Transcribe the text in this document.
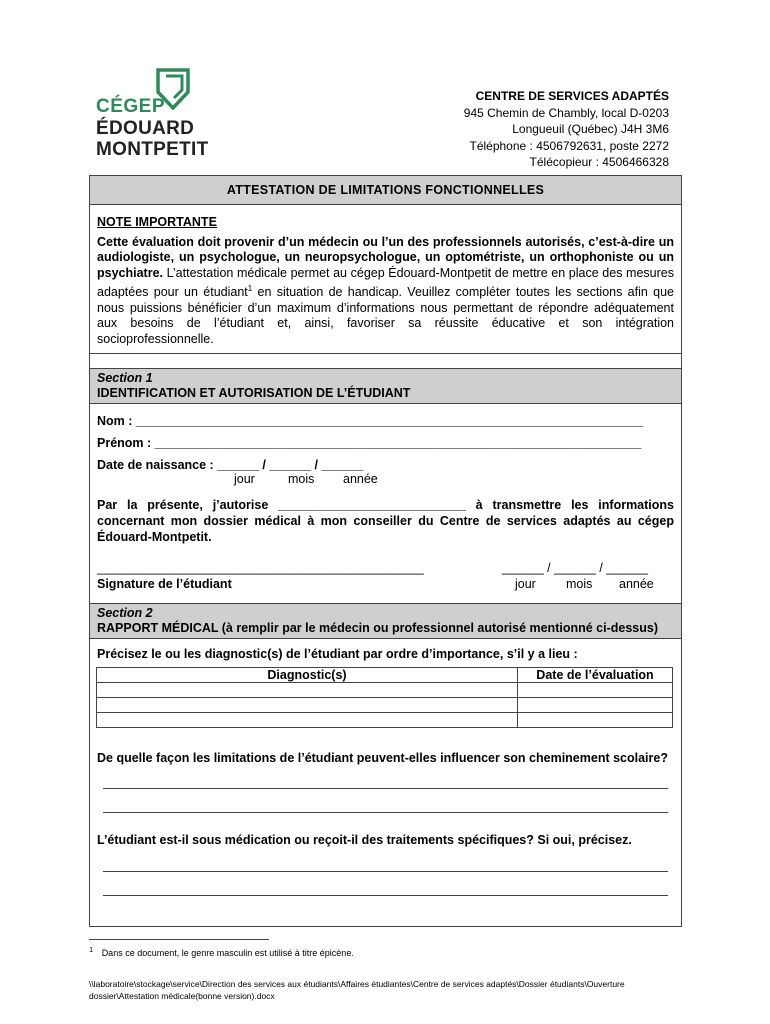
CÉGEP
ÉDOUARD
MONTPETIT
CENTRE DE SERVICES ADAPTÉS
945 Chemin de Chambly, local D-0203
Longueuil (Québec) J4H 3M6
Téléphone : 4506792631, poste 2272
Télécopieur : 4506466328
ATTESTATION DE LIMITATIONS FONCTIONNELLES
NOTE IMPORTANTE
Cette évaluation doit provenir d’un médecin ou l’un des professionnels autorisés, c’est-à-dire un audiologiste, un psychologue, un neuropsychologue, un optométriste, un orthophoniste ou un psychiatre. L’attestation médicale permet au cégep Édouard-Montpetit de mettre en place des mesures adaptées pour un étudiant$^1$ en situation de handicap. Veuillez compléter toutes les sections afin que nous puissions bénéficier d’un maximum d’informations nous permettant de répondre adéquatement aux besoins de l’étudiant et, ainsi, favoriser sa réussite éducative et son intégration socioprofessionnelle.
Section 1
IDENTIFICATION ET AUTORISATION DE L’ÉTUDIANT
Nom : _________________________________________________________________________
Prénom : ______________________________________________________________________
Date de naissance : ______ / ______ / ______
jour	mois année
Par la présente, j’autorise ___________________________ à transmettre les informations concernant mon dossier médical à mon conseiller du Centre de services adaptés au cégep Édouard-Montpetit.
_______________________________________________
Signature de l’étudiant
______ / ______ / ______
jour mois année
Section 2
RAPPORT MÉDICAL (à remplir par le médecin ou professionnel autorisé mentionné ci-dessus)
Précisez le ou les diagnostic(s) de l’étudiant par ordre d’importance, s’il y a lieu :
Diagnostic(s)	Date de l’évaluation

De quelle façon les limitations de l’étudiant peuvent-elles influencer son cheminement scolaire?
L’étudiant est-il sous médication ou reçoit-il des traitements spécifiques? Si oui, précisez.
$^1$ Dans ce document, le genre masculin est utilisé à titre épicène.
\\laboratoire\stockage\service\Direction des services aux étudiants\Affaires étudiantes\Centre de services adaptés\Dossier étudiants\Ouverture dossier\Attestation médicale(bonne version).docx
